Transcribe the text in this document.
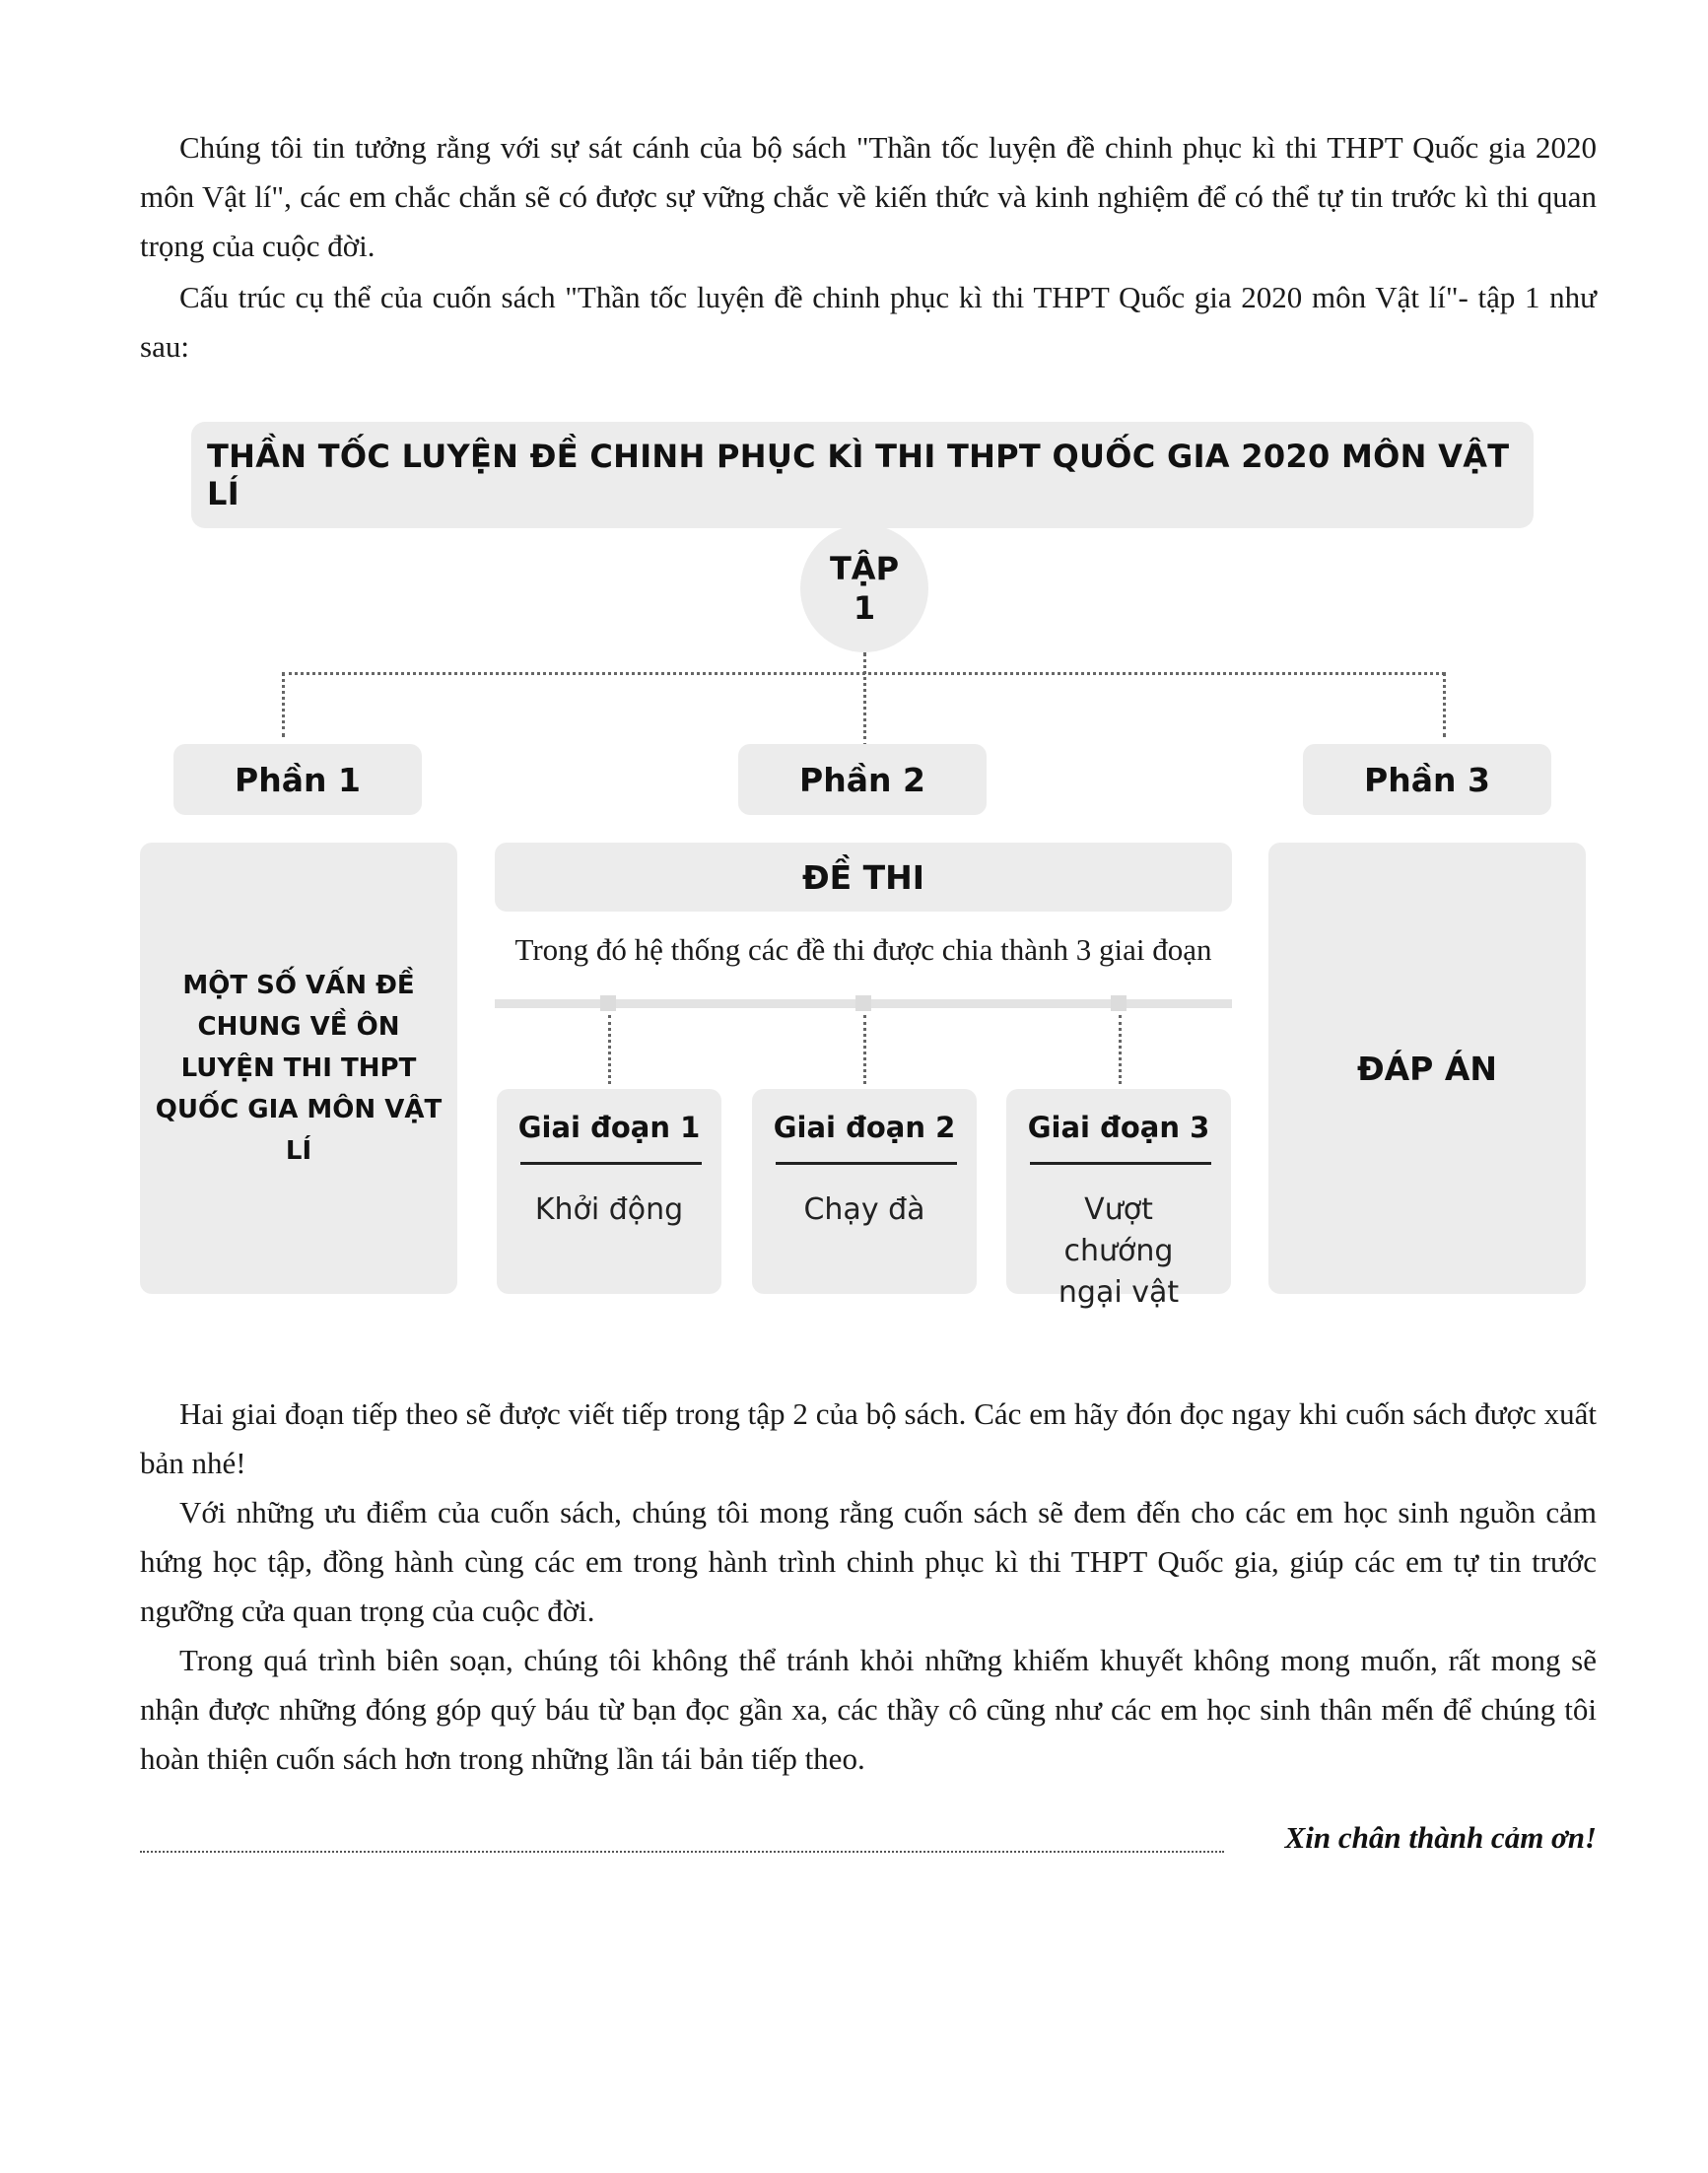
Chúng tôi tin tưởng rằng với sự sát cánh của bộ sách "Thần tốc luyện đề chinh phục kì thi THPT Quốc gia 2020 môn Vật lí", các em chắc chắn sẽ có được sự vững chắc về kiến thức và kinh nghiệm để có thể tự tin trước kì thi quan trọng của cuộc đời.

Cấu trúc cụ thể của cuốn sách "Thần tốc luyện đề chinh phục kì thi THPT Quốc gia 2020 môn Vật lí"- tập 1 như sau:

THẦN TỐC LUYỆN ĐỀ CHINH PHỤC KÌ THI THPT QUỐC GIA 2020 MÔN VẬT LÍ
TẬP
1
Phần 1	Phần 2	Phần 3
MỘT SỐ VẤN ĐỀ CHUNG VỀ ÔN LUYỆN THI THPT QUỐC GIA MÔN VẬT LÍ
ĐỀ THI
Trong đó hệ thống các đề thi được chia thành 3 giai đoạn
Giai đoạn 1
Khởi động
Giai đoạn 2
Chạy đà
Giai đoạn 3
Vượt chướng ngại vật
ĐÁP ÁN

Hai giai đoạn tiếp theo sẽ được viết tiếp trong tập 2 của bộ sách. Các em hãy đón đọc ngay khi cuốn sách được xuất bản nhé!

Với những ưu điểm của cuốn sách, chúng tôi mong rằng cuốn sách sẽ đem đến cho các em học sinh nguồn cảm hứng học tập, đồng hành cùng các em trong hành trình chinh phục kì thi THPT Quốc gia, giúp các em tự tin trước ngưỡng cửa quan trọng của cuộc đời.

Trong quá trình biên soạn, chúng tôi không thể tránh khỏi những khiếm khuyết không mong muốn, rất mong sẽ nhận được những đóng góp quý báu từ bạn đọc gần xa, các thầy cô cũng như các em học sinh thân mến để chúng tôi hoàn thiện cuốn sách hơn trong những lần tái bản tiếp theo.

Xin chân thành cảm ơn!
